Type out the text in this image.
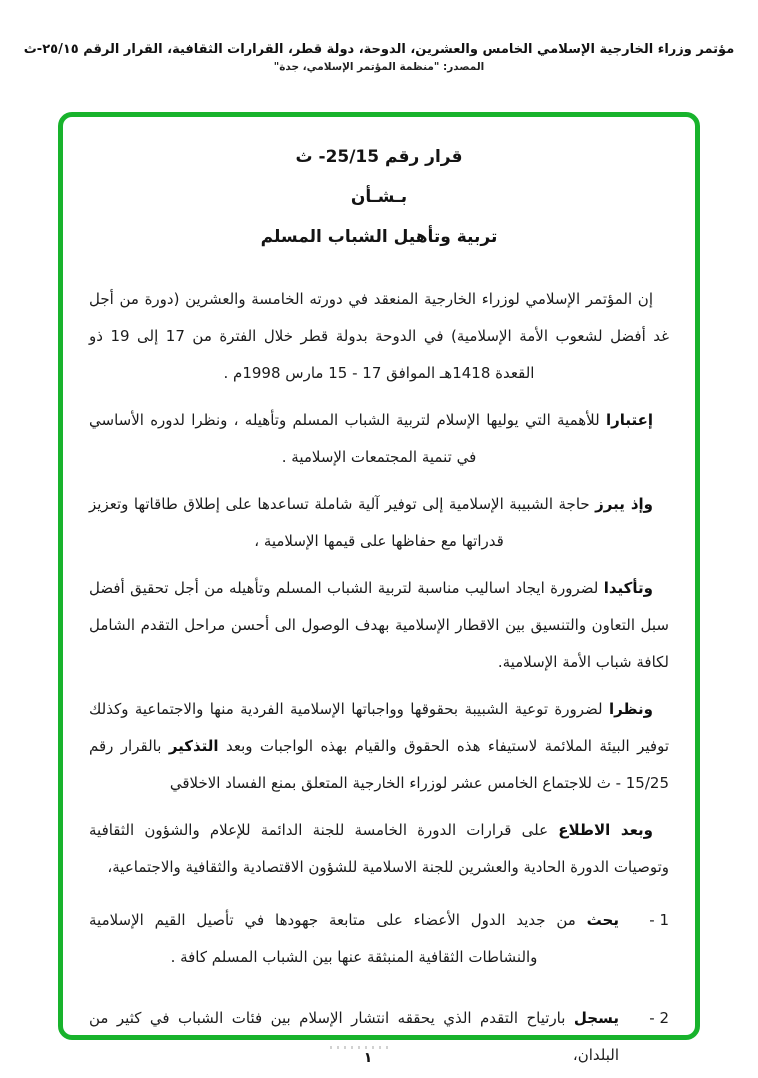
مؤتمر وزراء الخارجية الإسلامي الخامس والعشرين، الدوحة، دولة قطر، القرارات الثقافية، القرار الرقم ٢٥/١٥-ث
المصدر: "منظمة المؤتمر الإسلامي، جدة"
قرار رقم 25/15- ث
بـشـأن
تربية وتأهيل الشباب المسلم

إن المؤتمر الإسلامي لوزراء الخارجية المنعقد في دورته الخامسة والعشرين (دورة من أجل غد أفضل لشعوب الأمة الإسلامية) في الدوحة بدولة قطر خلال الفترة من 17 إلى 19 ذو القعدة 1418هـ الموافق ‪15 - 17‬ مارس 1998م .

إعتبارا للأهمية التي يوليها الإسلام لتربية الشباب المسلم وتأهيله ، ونظرا لدوره الأساسي في تنمية المجتمعات الإسلامية .

وإذ يبرز حاجة الشبيبة الإسلامية إلى توفير آلية شاملة تساعدها على إطلاق طاقاتها وتعزيز قدراتها مع حفاظها على قيمها الإسلامية ،

وتأكيدا لضرورة ايجاد اساليب مناسبة لتربية الشباب المسلم وتأهيله من أجل تحقيق أفضل سبل التعاون والتنسيق بين الاقطار الإسلامية بهدف الوصول الى أحسن مراحل التقدم الشامل لكافة شباب الأمة الإسلامية.

ونظرا لضرورة توعية الشبيبة بحقوقها وواجباتها الإسلامية الفردية منها والاجتماعية وكذلك توفير البيئة الملائمة لاستيفاء هذه الحقوق والقيام بهذه الواجبات وبعد التذكير بالقرار رقم 15/25 - ث للاجتماع الخامس عشر لوزراء الخارجية المتعلق بمنع الفساد الاخلاقي

وبعد الاطلاع على قرارات الدورة الخامسة للجنة الدائمة للإعلام والشؤون الثقافية وتوصيات الدورة الحادية والعشرين للجنة الاسلامية للشؤون الاقتصادية والثقافية والاجتماعية،

1 -
يحث من جديد الدول الأعضاء على متابعة جهودها في تأصيل القيم الإسلامية والنشاطات الثقافية المنبثقة عنها بين الشباب المسلم كافة .
2 -
يسجل بارتياح التقدم الذي يحققه انتشار الإسلام بين فئات الشباب في كثير من البلدان،
١
